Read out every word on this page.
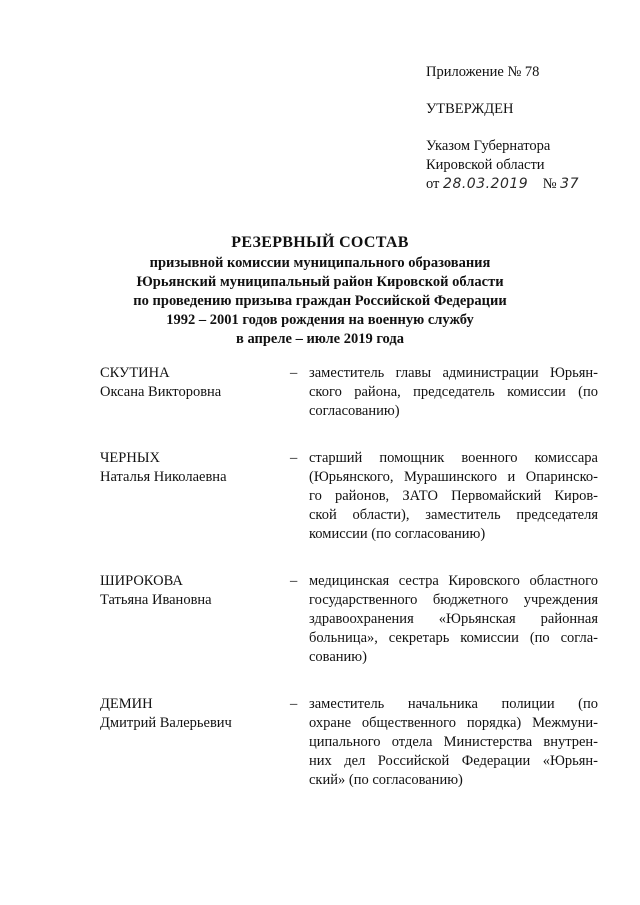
Приложение № 78
УТВЕРЖДЕН
Указом Губернатора
Кировской области
от 28.03.2019 № 37
РЕЗЕРВНЫЙ СОСТАВ
призывной комиссии муниципального образования
Юрьянский муниципальный район Кировской области
по проведению призыва граждан Российской Федерации
1992 – 2001 годов рождения на военную службу
в апреле – июле 2019 года
СКУТИНА
Оксана Викторовна
– заместитель главы администрации Юрьян-
ского района, председатель комиссии (по
согласованию)
ЧЕРНЫХ
Наталья Николаевна
– старший помощник военного комиссара
(Юрьянского, Мурашинского и Опаринско-
го районов, ЗАТО Первомайский Киров-
ской области), заместитель председателя
комиссии (по согласованию)
ШИРОКОВА
Татьяна Ивановна
– медицинская сестра Кировского областного
государственного бюджетного учреждения
здравоохранения «Юрьянская районная
больница», секретарь комиссии (по согла-
сованию)
ДЕМИН
Дмитрий Валерьевич
– заместитель начальника полиции (по
охране общественного порядка) Межмуни-
ципального отдела Министерства внутрен-
них дел Российской Федерации «Юрьян-
ский» (по согласованию)
